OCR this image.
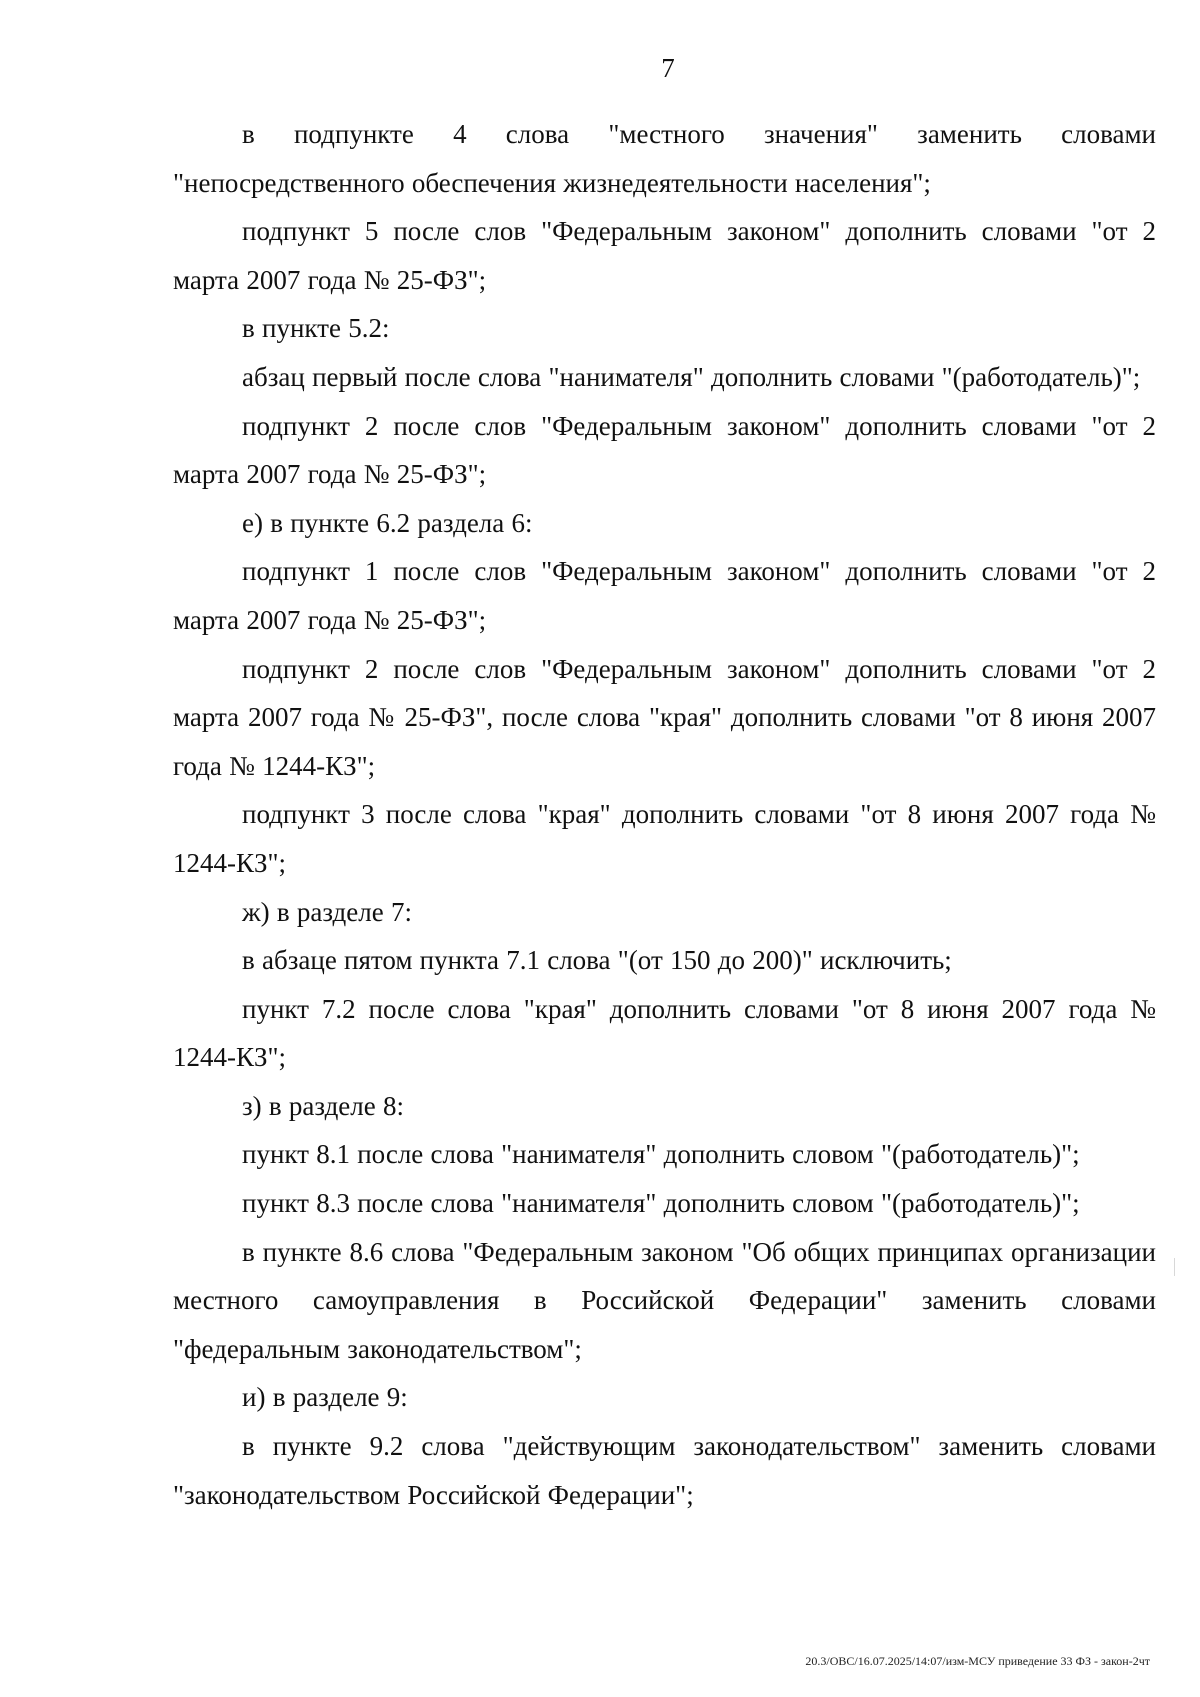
7

в подпункте 4 слова "местного значения" заменить словами "непосредственного обеспечения жизнедеятельности населения";

подпункт 5 после слов "Федеральным законом" дополнить словами "от 2 марта 2007 года № 25-ФЗ";

в пункте 5.2:

абзац первый после слова "нанимателя" дополнить словами "(работодатель)";

подпункт 2 после слов "Федеральным законом" дополнить словами "от 2 марта 2007 года № 25-ФЗ";

е) в пункте 6.2 раздела 6:

подпункт 1 после слов "Федеральным законом" дополнить словами "от 2 марта 2007 года № 25-ФЗ";

подпункт 2 после слов "Федеральным законом" дополнить словами "от 2 марта 2007 года № 25-ФЗ", после слова "края" дополнить словами "от 8 июня 2007 года № 1244-КЗ";

подпункт 3 после слова "края" дополнить словами "от 8 июня 2007 года № 1244-КЗ";

ж) в разделе 7:

в абзаце пятом пункта 7.1 слова "(от 150 до 200)" исключить;

пункт 7.2 после слова "края" дополнить словами "от 8 июня 2007 года № 1244-КЗ";

з) в разделе 8:

пункт 8.1 после слова "нанимателя" дополнить словом "(работодатель)";

пункт 8.3 после слова "нанимателя" дополнить словом "(работодатель)";

в пункте 8.6 слова "Федеральным законом "Об общих принципах организации местного самоуправления в Российской Федерации" заменить словами "федеральным законодательством";

и) в разделе 9:

в пункте 9.2 слова "действующим законодательством" заменить словами "законодательством Российской Федерации";

20.3/ОВС/16.07.2025/14:07/изм-МСУ приведение 33 ФЗ - закон-2чт
